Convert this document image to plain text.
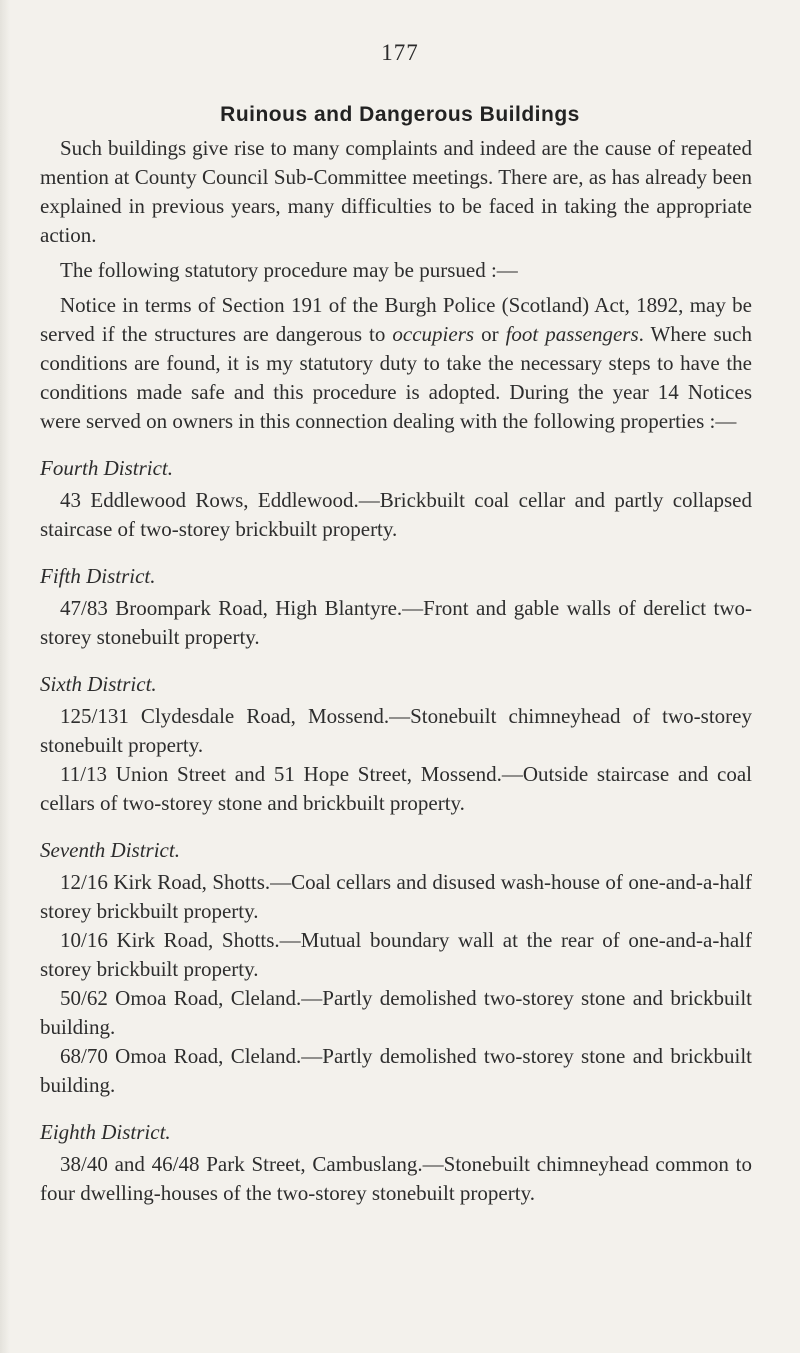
177
Ruinous and Dangerous Buildings

Such buildings give rise to many complaints and indeed are the cause of repeated mention at County Council Sub-Committee meetings. There are, as has already been explained in previous years, many difficulties to be faced in taking the appropriate action.

The following statutory procedure may be pursued :—

Notice in terms of Section 191 of the Burgh Police (Scotland) Act, 1892, may be served if the structures are dangerous to occupiers or foot passengers. Where such conditions are found, it is my statutory duty to take the necessary steps to have the conditions made safe and this procedure is adopted. During the year 14 Notices were served on owners in this connection dealing with the following properties :—

Fourth District.

43 Eddlewood Rows, Eddlewood.—Brickbuilt coal cellar and partly collapsed staircase of two-storey brickbuilt property.

Fifth District.

47/83 Broompark Road, High Blantyre.—Front and gable walls of derelict two-storey stonebuilt property.

Sixth District.

125/131 Clydesdale Road, Mossend.—Stonebuilt chimneyhead of two-storey stonebuilt property.

11/13 Union Street and 51 Hope Street, Mossend.—Outside staircase and coal cellars of two-storey stone and brickbuilt property.

Seventh District.

12/16 Kirk Road, Shotts.—Coal cellars and disused wash-house of one-and-a-half storey brickbuilt property.

10/16 Kirk Road, Shotts.—Mutual boundary wall at the rear of one-and-a-half storey brickbuilt property.

50/62 Omoa Road, Cleland.—Partly demolished two-storey stone and brickbuilt building.

68/70 Omoa Road, Cleland.—Partly demolished two-storey stone and brickbuilt building.

Eighth District.

38/40 and 46/48 Park Street, Cambuslang.—Stonebuilt chimneyhead common to four dwelling-houses of the two-storey stonebuilt property.
